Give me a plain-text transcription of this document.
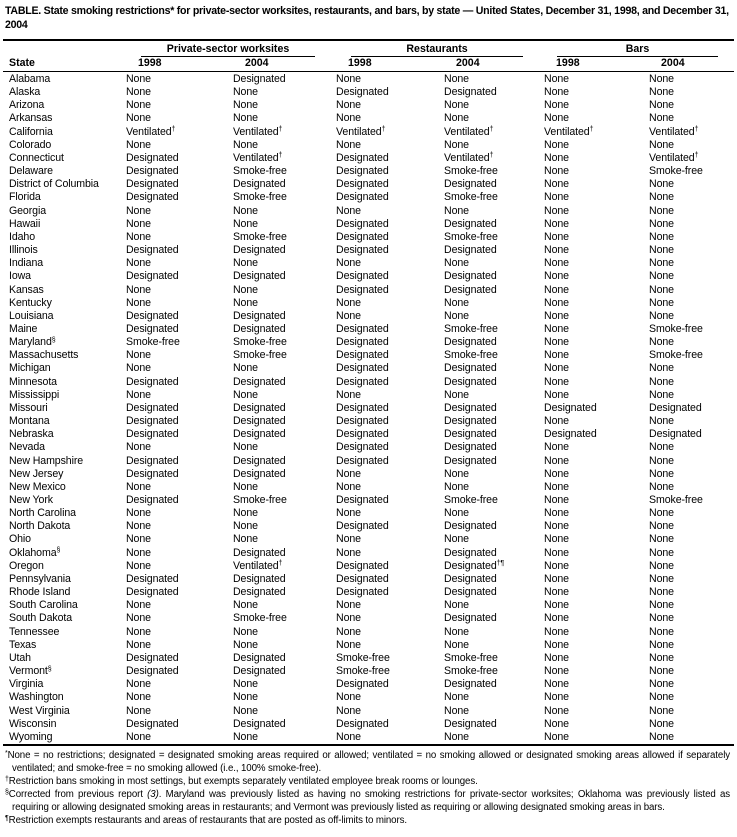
TABLE. State smoking restrictions* for private-sector worksites, restaurants, and bars, by state — United States, December 31, 1998, and December 31, 2004

	Private-sector worksites		Restaurants		Bars	

State	1998	2004	1998	2004	1998	2004
Alabama	None	Designated	None	None	None	None
Alaska	None	None	Designated	Designated	None	None
Arizona	None	None	None	None	None	None
Arkansas	None	None	None	None	None	None
California	Ventilated†	Ventilated†	Ventilated†	Ventilated†	Ventilated†	Ventilated†
Colorado	None	None	None	None	None	None
Connecticut	Designated	Ventilated†	Designated	Ventilated†	None	Ventilated†
Delaware	Designated	Smoke-free	Designated	Smoke-free	None	Smoke-free
District of Columbia	Designated	Designated	Designated	Designated	None	None
Florida	Designated	Smoke-free	Designated	Smoke-free	None	None
Georgia	None	None	None	None	None	None
Hawaii	None	None	Designated	Designated	None	None
Idaho	None	Smoke-free	Designated	Smoke-free	None	None
Illinois	Designated	Designated	Designated	Designated	None	None
Indiana	None	None	None	None	None	None
Iowa	Designated	Designated	Designated	Designated	None	None
Kansas	None	None	Designated	Designated	None	None
Kentucky	None	None	None	None	None	None
Louisiana	Designated	Designated	None	None	None	None
Maine	Designated	Designated	Designated	Smoke-free	None	Smoke-free
Maryland§	Smoke-free	Smoke-free	Designated	Designated	None	None
Massachusetts	None	Smoke-free	Designated	Smoke-free	None	Smoke-free
Michigan	None	None	Designated	Designated	None	None
Minnesota	Designated	Designated	Designated	Designated	None	None
Mississippi	None	None	None	None	None	None
Missouri	Designated	Designated	Designated	Designated	Designated	Designated
Montana	Designated	Designated	Designated	Designated	None	None
Nebraska	Designated	Designated	Designated	Designated	Designated	Designated
Nevada	None	None	Designated	Designated	None	None
New Hampshire	Designated	Designated	Designated	Designated	None	None
New Jersey	Designated	Designated	None	None	None	None
New Mexico	None	None	None	None	None	None
New York	Designated	Smoke-free	Designated	Smoke-free	None	Smoke-free
North Carolina	None	None	None	None	None	None
North Dakota	None	None	Designated	Designated	None	None
Ohio	None	None	None	None	None	None
Oklahoma§	None	Designated	None	Designated	None	None
Oregon	None	Ventilated†	Designated	Designated†¶	None	None
Pennsylvania	Designated	Designated	Designated	Designated	None	None
Rhode Island	Designated	Designated	Designated	Designated	None	None
South Carolina	None	None	None	None	None	None
South Dakota	None	Smoke-free	None	Designated	None	None
Tennessee	None	None	None	None	None	None
Texas	None	None	None	None	None	None
Utah	Designated	Designated	Smoke-free	Smoke-free	None	None
Vermont§	Designated	Designated	Smoke-free	Smoke-free	None	None
Virginia	None	None	Designated	Designated	None	None
Washington	None	None	None	None	None	None
West Virginia	None	None	None	None	None	None
Wisconsin	Designated	Designated	Designated	Designated	None	None
Wyoming	None	None	None	None	None	None
*None = no restrictions; designated = designated smoking areas required or allowed; ventilated = no smoking allowed or designated smoking areas allowed if separately ventilated; and smoke-free = no smoking allowed (i.e., 100% smoke-free).
†Restriction bans smoking in most settings, but exempts separately ventilated employee break rooms or lounges.
§Corrected from previous report (3). Maryland was previously listed as having no smoking restrictions for private-sector worksites; Oklahoma was previously listed as requiring or allowing designated smoking areas in restaurants; and Vermont was previously listed as requiring or allowing designated smoking areas in bars.
¶Restriction exempts restaurants and areas of restaurants that are posted as off-limits to minors.
